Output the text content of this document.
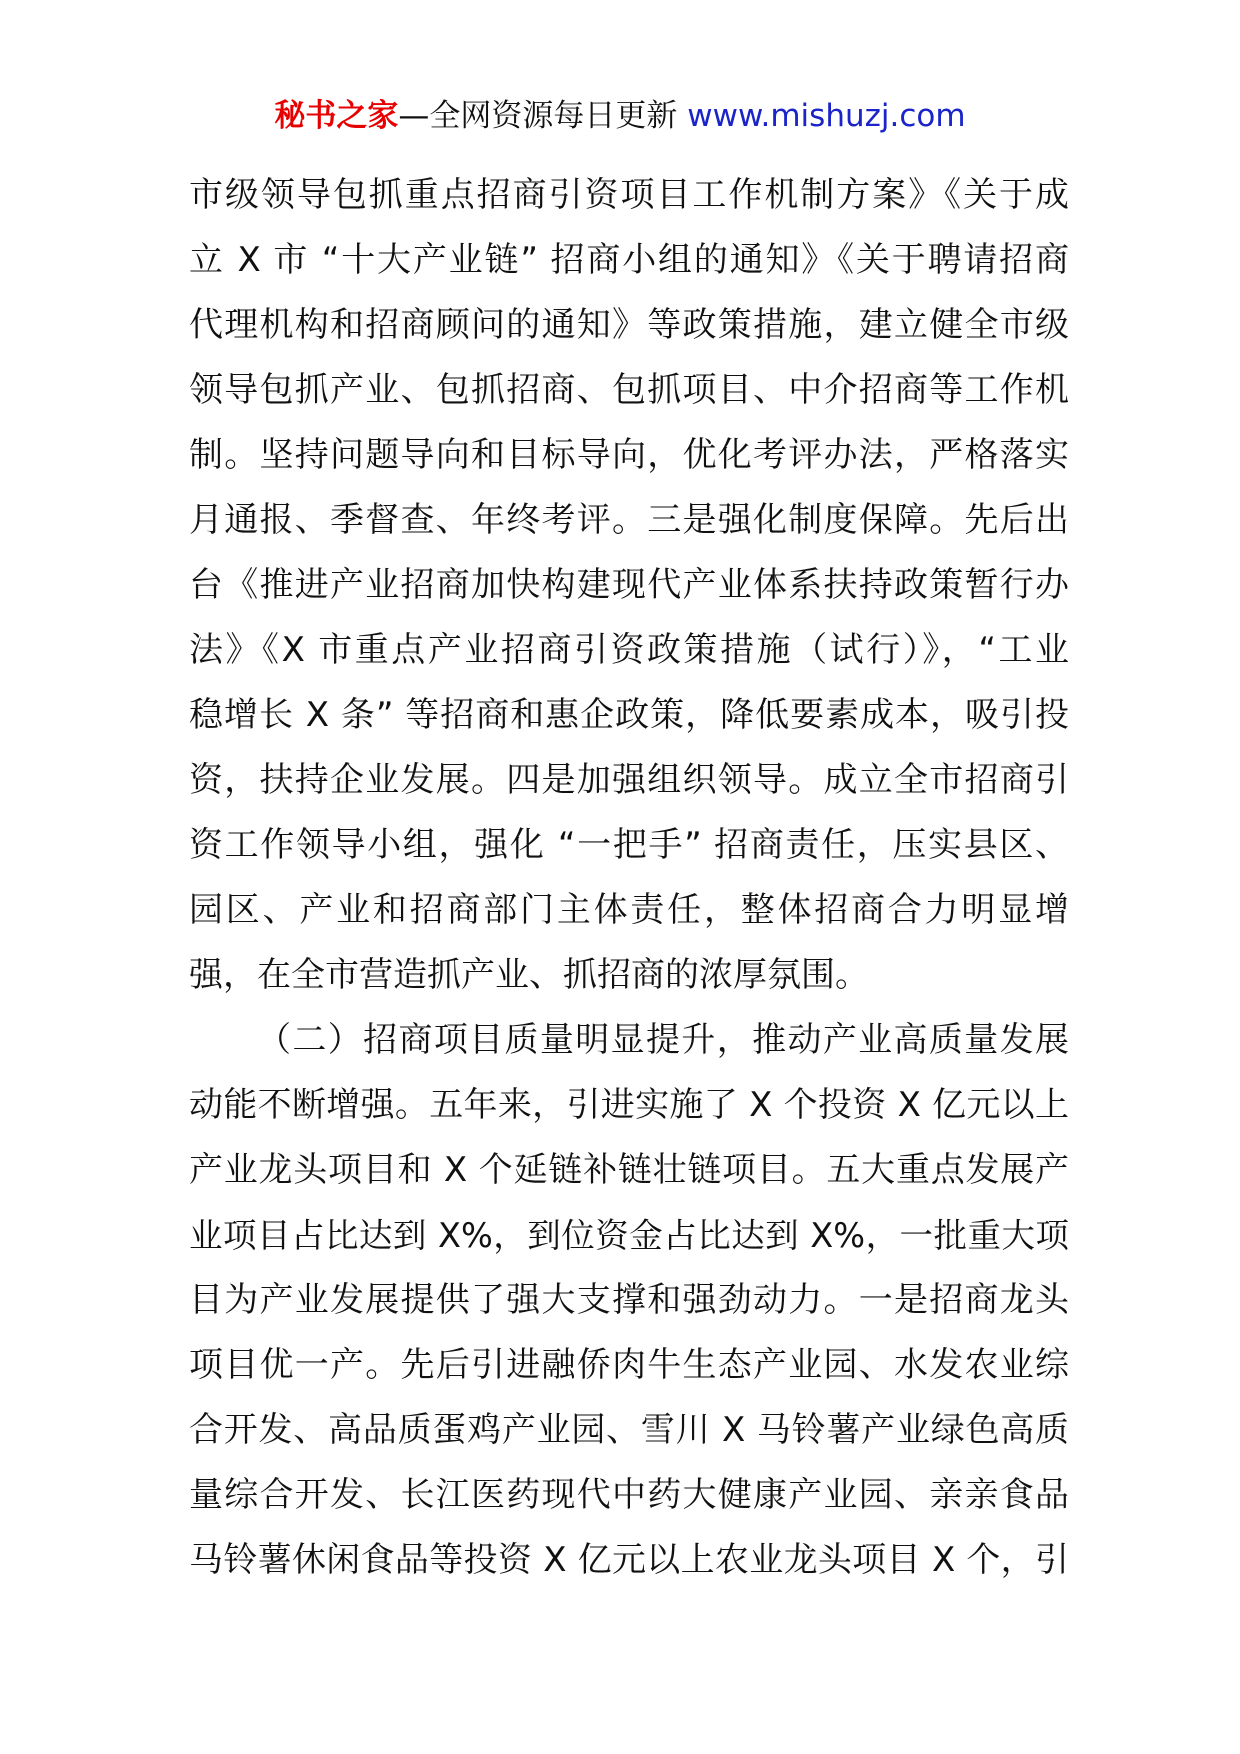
秘书之家—全网资源每日更新 www.mishuzj.com
市级领导包抓重点招商引资项目工作机制方案》《关于成
立 X 市 “十大产业链” 招商小组的通知》《关于聘请招商
代理机构和招商顾问的通知》等政策措施，建立健全市级
领导包抓产业、包抓招商、包抓项目、中介招商等工作机
制。坚持问题导向和目标导向，优化考评办法，严格落实
月通报、季督查、年终考评。三是强化制度保障。先后出
台《推进产业招商加快构建现代产业体系扶持政策暂行办
法》《X 市重点产业招商引资政策措施（试行）》，“工业
稳增长 X 条” 等招商和惠企政策，降低要素成本，吸引投
资，扶持企业发展。四是加强组织领导。成立全市招商引
资工作领导小组，强化 “一把手” 招商责任，压实县区、
园区、产业和招商部门主体责任，整体招商合力明显增
强，在全市营造抓产业、抓招商的浓厚氛围。
（二）招商项目质量明显提升，推动产业高质量发展
动能不断增强。五年来，引进实施了 X 个投资 X 亿元以上
产业龙头项目和 X 个延链补链壮链项目。五大重点发展产
业项目占比达到 X%，到位资金占比达到 X%，一批重大项
目为产业发展提供了强大支撑和强劲动力。一是招商龙头
项目优一产。先后引进融侨肉牛生态产业园、水发农业综
合开发、高品质蛋鸡产业园、雪川 X 马铃薯产业绿色高质
量综合开发、长江医药现代中药大健康产业园、亲亲食品
马铃薯休闲食品等投资 X 亿元以上农业龙头项目 X 个，引
